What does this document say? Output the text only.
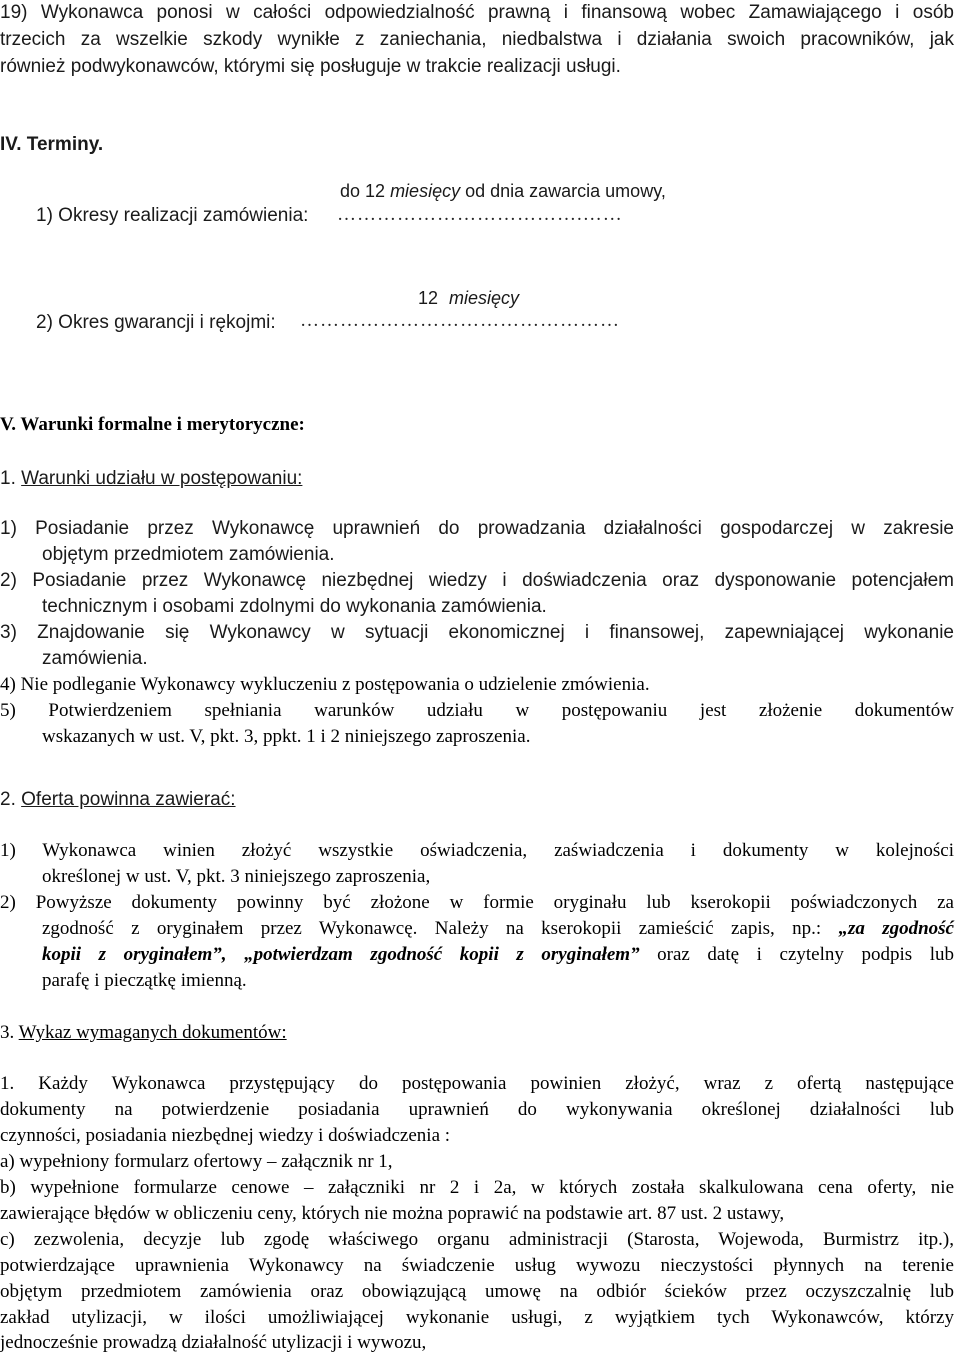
19) Wykonawca ponosi w całości odpowiedzialność prawną i finansową wobec Zamawiającego i osób
trzecich za wszelkie szkody wynikłe z zaniechania, niedbalstwa i działania swoich pracowników, jak
również podwykonawców, którymi się posługuje w trakcie realizacji usługi.
IV. Terminy.
do 12 miesięcy od dnia zawarcia umowy,
1) Okresy realizacji zamówienia: ……………………………….……
12 miesięcy
2) Okres gwarancji i rękojmi: …………………………………………
V. Warunki formalne i merytoryczne:
1. Warunki udziału w postępowaniu:
1) Posiadanie przez Wykonawcę uprawnień do prowadzania działalności gospodarczej w zakresie
objętym przedmiotem zamówienia.
2) Posiadanie przez Wykonawcę niezbędnej wiedzy i doświadczenia oraz dysponowanie potencjałem
technicznym i osobami zdolnymi do wykonania zamówienia.
3) Znajdowanie się Wykonawcy w sytuacji ekonomicznej i finansowej, zapewniającej wykonanie
zamówienia.
4) Nie podleganie Wykonawcy wykluczeniu z postępowania o udzielenie zmówienia.
5) Potwierdzeniem spełniania warunków udziału w postępowaniu jest złożenie dokumentów
wskazanych w ust. V, pkt. 3, ppkt. 1 i 2 niniejszego zaproszenia.
2. Oferta powinna zawierać:
1) Wykonawca winien złożyć wszystkie oświadczenia, zaświadczenia i dokumenty w kolejności
określonej w ust. V, pkt. 3 niniejszego zaproszenia,
2) Powyższe dokumenty powinny być złożone w formie oryginału lub kserokopii poświadczonych za
zgodność z oryginałem przez Wykonawcę. Należy na kserokopii zamieścić zapis, np.: „za zgodność
kopii z oryginałem”, „potwierdzam zgodność kopii z oryginałem” oraz datę i czytelny podpis lub
parafę i pieczątkę imienną.
3. Wykaz wymaganych dokumentów:
1. Każdy Wykonawca przystępujący do postępowania powinien złożyć, wraz z ofertą następujące
dokumenty na potwierdzenie posiadania uprawnień do wykonywania określonej działalności lub
czynności, posiadania niezbędnej wiedzy i doświadczenia :
a) wypełniony formularz ofertowy – załącznik nr 1,
b) wypełnione formularze cenowe – załączniki nr 2 i 2a, w których została skalkulowana cena oferty, nie
zawierające błędów w obliczeniu ceny, których nie można poprawić na podstawie art. 87 ust. 2 ustawy,
c) zezwolenia, decyzje lub zgodę właściwego organu administracji (Starosta, Wojewoda, Burmistrz itp.),
potwierdzające uprawnienia Wykonawcy na świadczenie usług wywozu nieczystości płynnych na terenie
objętym przedmiotem zamówienia oraz obowiązującą umowę na odbiór ścieków przez oczyszczalnię lub
zakład utylizacji, w ilości umożliwiającej wykonanie usługi, z wyjątkiem tych Wykonawców, którzy
jednocześnie prowadzą działalność utylizacji i wywozu,
